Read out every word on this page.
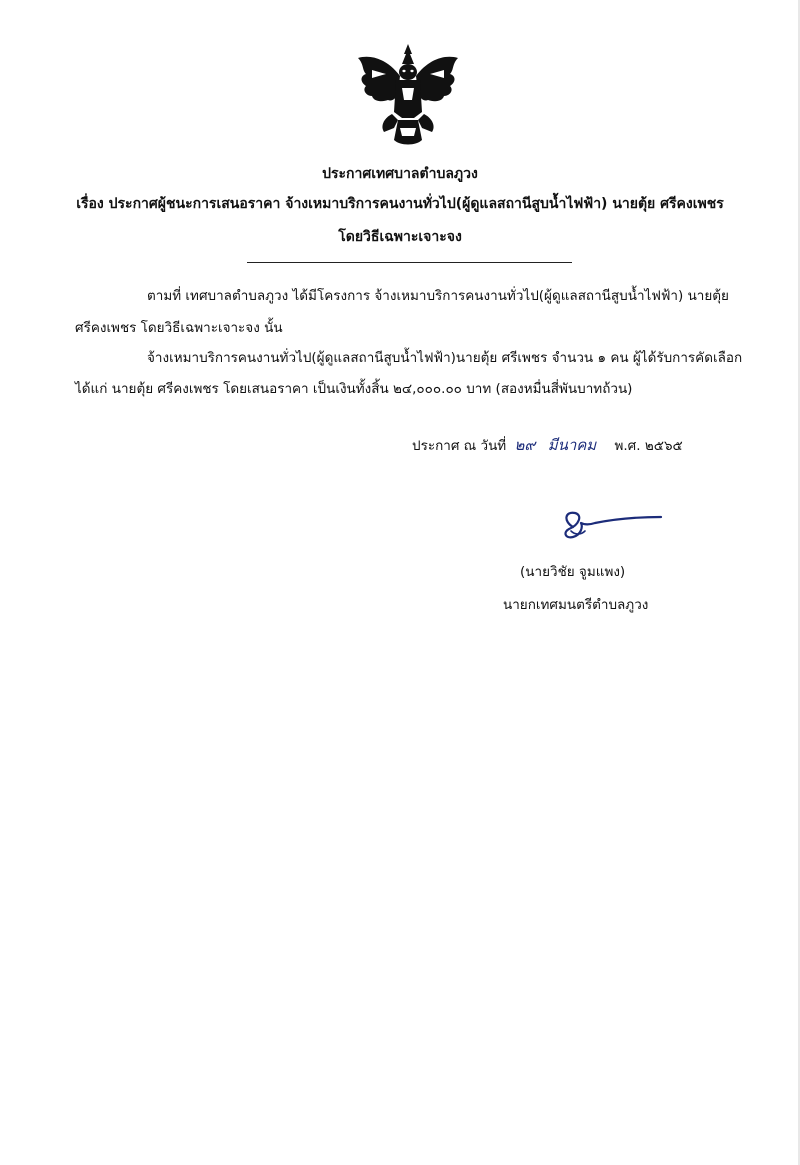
ประกาศเทศบาลตำบลภูวง
เรื่อง ประกาศผู้ชนะการเสนอราคา จ้างเหมาบริการคนงานทั่วไป(ผู้ดูแลสถานีสูบน้ำไฟฟ้า) นายตุ้ย ศรีคงเพชร
โดยวิธีเฉพาะเจาะจง
ตามที่ เทศบาลตำบลภูวง ได้มีโครงการ จ้างเหมาบริการคนงานทั่วไป(ผู้ดูแลสถานีสูบน้ำไฟฟ้า) นายตุ้ย
ศรีคงเพชร โดยวิธีเฉพาะเจาะจง นั้น
จ้างเหมาบริการคนงานทั่วไป(ผู้ดูแลสถานีสูบน้ำไฟฟ้า)นายตุ้ย ศรีเพชร จำนวน ๑ คน ผู้ได้รับการคัดเลือก
ได้แก่ นายตุ้ย ศรีคงเพชร โดยเสนอราคา เป็นเงินทั้งสิ้น ๒๔,๐๐๐.๐๐ บาท (สองหมื่นสี่พันบาทถ้วน)
ประกาศ ณ วันที่ ๒๙ มีนาคม พ.ศ. ๒๕๖๕
(นายวิชัย จูมแพง)
นายกเทศมนตรีตำบลภูวง
